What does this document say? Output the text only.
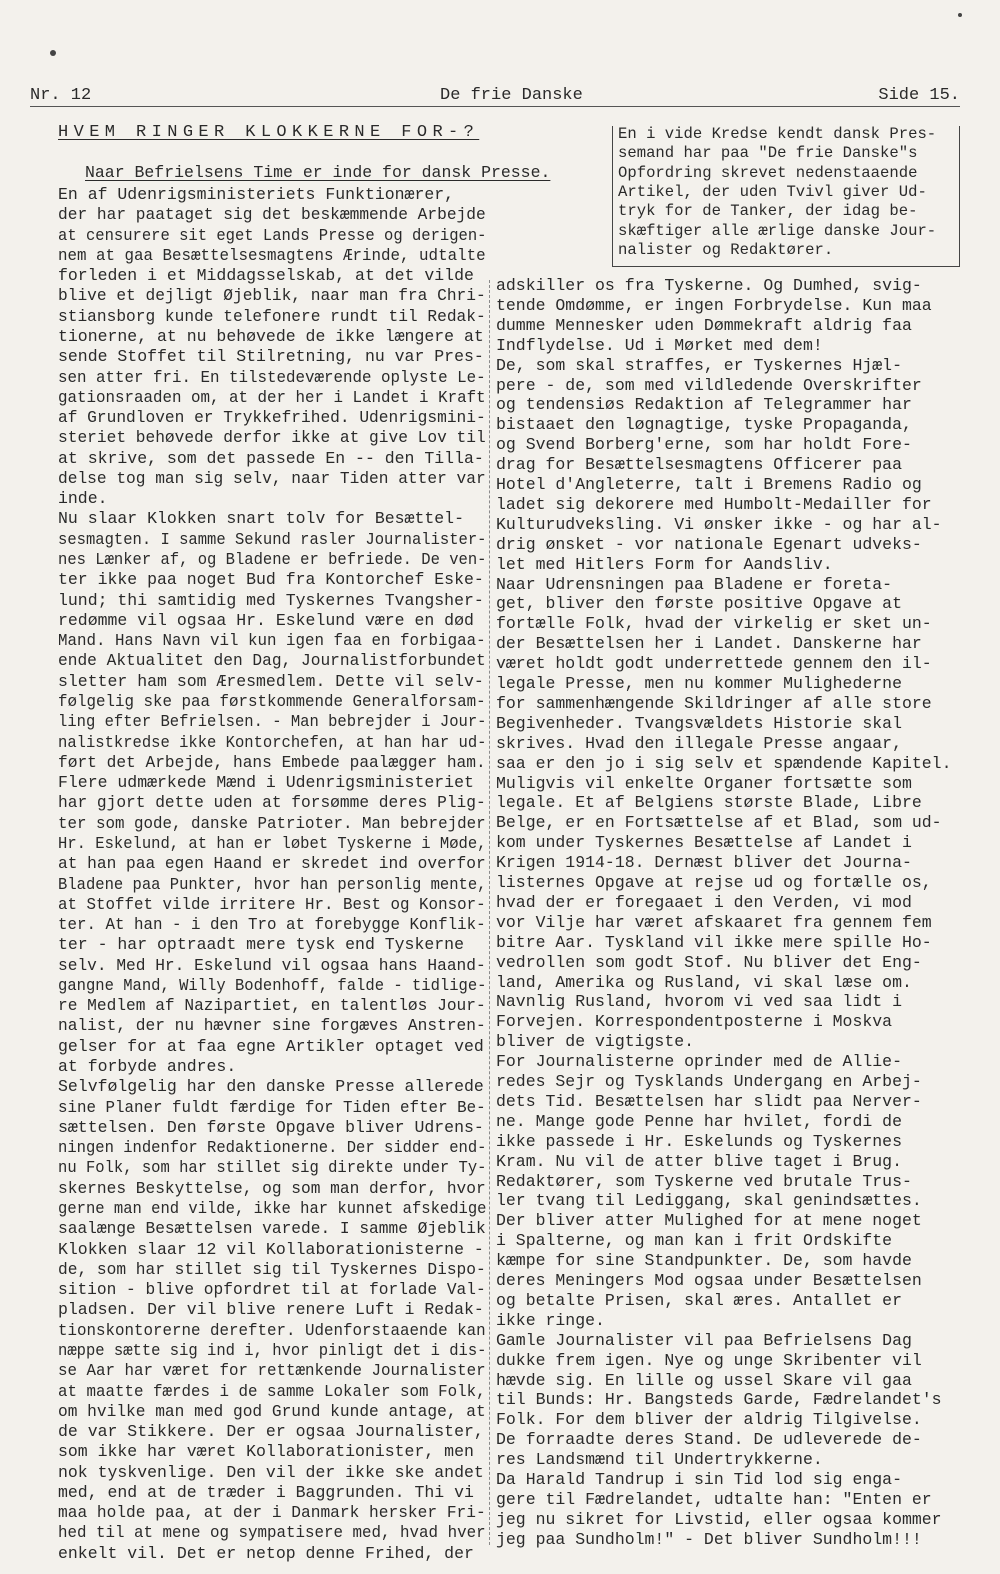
Nr. 12	De frie Danske	Side 15.
HVEM RINGER KLOKKERNE FOR-?
Naar Befrielsens Time er inde for dansk Presse.
En i vide Kredse kendt dansk Pres-
semand har paa "De frie Danske"s
Opfordring skrevet nedenstaaende
Artikel, der uden Tvivl giver Ud-
tryk for de Tanker, der idag be-
skæftiger alle ærlige danske Jour-
nalister og Redaktører.
En af Udenrigsministeriets Funktionærer,
der har paataget sig det beskæmmende Arbejde
at censurere sit eget Lands Presse og derigen-
nem at gaa Besættelsesmagtens Ærinde, udtalte
forleden i et Middagsselskab, at det vilde
blive et dejligt Øjeblik, naar man fra Chri-
stiansborg kunde telefonere rundt til Redak-
tionerne, at nu behøvede de ikke længere at
sende Stoffet til Stilretning, nu var Pres-
sen atter fri. En tilstedeværende oplyste Le-
gationsraaden om, at der her i Landet i Kraft
af Grundloven er Trykkefrihed. Udenrigsmini-
steriet behøvede derfor ikke at give Lov til
at skrive, som det passede En -- den Tilla-
delse tog man sig selv, naar Tiden atter var
inde.
Nu slaar Klokken snart tolv for Besættel-
sesmagten. I samme Sekund rasler Journalister-
nes Lænker af, og Bladene er befriede. De ven-
ter ikke paa noget Bud fra Kontorchef Eske-
lund; thi samtidig med Tyskernes Tvangsher-
redømme vil ogsaa Hr. Eskelund være en død
Mand. Hans Navn vil kun igen faa en forbigaa-
ende Aktualitet den Dag, Journalistforbundet
sletter ham som Æresmedlem. Dette vil selv-
følgelig ske paa førstkommende Generalforsam-
ling efter Befrielsen. - Man bebrejder i Jour-
nalistkredse ikke Kontorchefen, at han har ud-
ført det Arbejde, hans Embede paalægger ham.
Flere udmærkede Mænd i Udenrigsministeriet
har gjort dette uden at forsømme deres Plig-
ter som gode, danske Patrioter. Man bebrejder
Hr. Eskelund, at han er løbet Tyskerne i Møde,
at han paa egen Haand er skredet ind overfor
Bladene paa Punkter, hvor han personlig mente,
at Stoffet vilde irritere Hr. Best og Konsor-
ter. At han - i den Tro at forebygge Konflik-
ter - har optraadt mere tysk end Tyskerne
selv. Med Hr. Eskelund vil ogsaa hans Haand-
gangne Mand, Willy Bodenhoff, falde - tidlige-
re Medlem af Nazipartiet, en talentløs Jour-
nalist, der nu hævner sine forgæves Anstren-
gelser for at faa egne Artikler optaget ved
at forbyde andres.
Selvfølgelig har den danske Presse allerede
sine Planer fuldt færdige for Tiden efter Be-
sættelsen. Den første Opgave bliver Udrens-
ningen indenfor Redaktionerne. Der sidder end-
nu Folk, som har stillet sig direkte under Ty-
skernes Beskyttelse, og som man derfor, hvor
gerne man end vilde, ikke har kunnet afskedige
saalænge Besættelsen varede. I samme Øjeblik
Klokken slaar 12 vil Kollaborationisterne -
de, som har stillet sig til Tyskernes Dispo-
sition - blive opfordret til at forlade Val-
pladsen. Der vil blive renere Luft i Redak-
tionskontorerne derefter. Udenforstaaende kan
næppe sætte sig ind i, hvor pinligt det i dis-
se Aar har været for rettænkende Journalister
at maatte færdes i de samme Lokaler som Folk,
om hvilke man med god Grund kunde antage, at
de var Stikkere. Der er ogsaa Journalister,
som ikke har været Kollaborationister, men
nok tyskvenlige. Den vil der ikke ske andet
med, end at de træder i Baggrunden. Thi vi
maa holde paa, at der i Danmark hersker Fri-
hed til at mene og sympatisere med, hvad hver
enkelt vil. Det er netop denne Frihed, der
adskiller os fra Tyskerne. Og Dumhed, svig-
tende Omdømme, er ingen Forbrydelse. Kun maa
dumme Mennesker uden Dømmekraft aldrig faa
Indflydelse. Ud i Mørket med dem!
De, som skal straffes, er Tyskernes Hjæl-
pere - de, som med vildledende Overskrifter
og tendensiøs Redaktion af Telegrammer har
bistaaet den løgnagtige, tyske Propaganda,
og Svend Borberg'erne, som har holdt Fore-
drag for Besættelsesmagtens Officerer paa
Hotel d'Angleterre, talt i Bremens Radio og
ladet sig dekorere med Humbolt-Medailler for
Kulturudveksling. Vi ønsker ikke - og har al-
drig ønsket - vor nationale Egenart udveks-
let med Hitlers Form for Aandsliv.
Naar Udrensningen paa Bladene er foreta-
get, bliver den første positive Opgave at
fortælle Folk, hvad der virkelig er sket un-
der Besættelsen her i Landet. Danskerne har
været holdt godt underrettede gennem den il-
legale Presse, men nu kommer Mulighederne
for sammenhængende Skildringer af alle store
Begivenheder. Tvangsvældets Historie skal
skrives. Hvad den illegale Presse angaar,
saa er den jo i sig selv et spændende Kapitel.
Muligvis vil enkelte Organer fortsætte som
legale. Et af Belgiens største Blade, Libre
Belge, er en Fortsættelse af et Blad, som ud-
kom under Tyskernes Besættelse af Landet i
Krigen 1914-18. Dernæst bliver det Journa-
listernes Opgave at rejse ud og fortælle os,
hvad der er foregaaet i den Verden, vi mod
vor Vilje har været afskaaret fra gennem fem
bitre Aar. Tyskland vil ikke mere spille Ho-
vedrollen som godt Stof. Nu bliver det Eng-
land, Amerika og Rusland, vi skal læse om.
Navnlig Rusland, hvorom vi ved saa lidt i
Forvejen. Korrespondentposterne i Moskva
bliver de vigtigste.
For Journalisterne oprinder med de Allie-
redes Sejr og Tysklands Undergang en Arbej-
dets Tid. Besættelsen har slidt paa Nerver-
ne. Mange gode Penne har hvilet, fordi de
ikke passede i Hr. Eskelunds og Tyskernes
Kram. Nu vil de atter blive taget i Brug.
Redaktører, som Tyskerne ved brutale Trus-
ler tvang til Lediggang, skal genindsættes.
Der bliver atter Mulighed for at mene noget
i Spalterne, og man kan i frit Ordskifte
kæmpe for sine Standpunkter. De, som havde
deres Meningers Mod ogsaa under Besættelsen
og betalte Prisen, skal æres. Antallet er
ikke ringe.
Gamle Journalister vil paa Befrielsens Dag
dukke frem igen. Nye og unge Skribenter vil
hævde sig. En lille og ussel Skare vil gaa
til Bunds: Hr. Bangsteds Garde, Fædrelandet's
Folk. For dem bliver der aldrig Tilgivelse.
De forraadte deres Stand. De udleverede de-
res Landsmænd til Undertrykkerne.
Da Harald Tandrup i sin Tid lod sig enga-
gere til Fædrelandet, udtalte han: "Enten er
jeg nu sikret for Livstid, eller ogsaa kommer
jeg paa Sundholm!" - Det bliver Sundholm!!!
